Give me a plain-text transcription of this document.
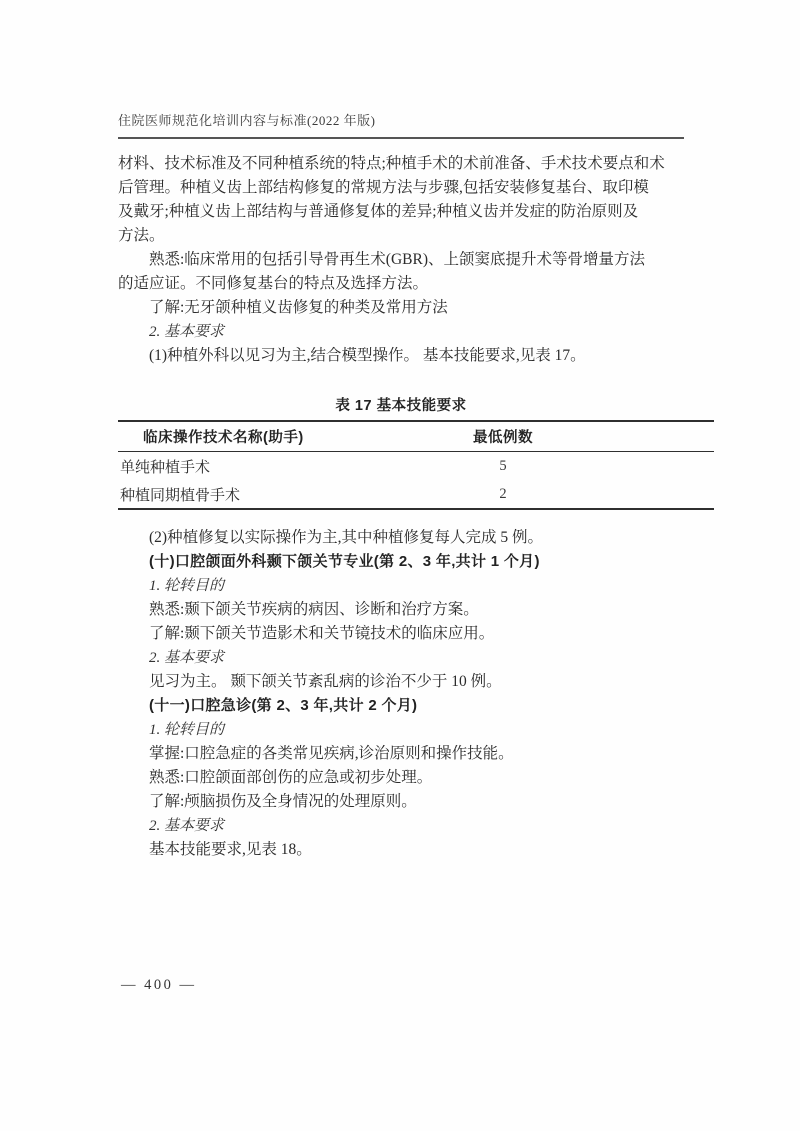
住院医师规范化培训内容与标准(2022 年版)
材料、技术标准及不同种植系统的特点;种植手术的术前准备、手术技术要点和术
后管理。种植义齿上部结构修复的常规方法与步骤,包括安装修复基台、取印模
及戴牙;种植义齿上部结构与普通修复体的差异;种植义齿并发症的防治原则及
方法。
熟悉:临床常用的包括引导骨再生术(GBR)、上颌窦底提升术等骨增量方法
的适应证。不同修复基台的特点及选择方法。
了解:无牙颌种植义齿修复的种类及常用方法
2. 基本要求
(1)种植外科以见习为主,结合模型操作。 基本技能要求,见表 17。
表 17 基本技能要求
临床操作技术名称(助手)	最低例数	
单纯种植手术	5	
种植同期植骨手术	2	
(2)种植修复以实际操作为主,其中种植修复每人完成 5 例。
(十)口腔颌面外科颞下颌关节专业(第 2、3 年,共计 1 个月)
1. 轮转目的
熟悉:颞下颌关节疾病的病因、诊断和治疗方案。
了解:颞下颌关节造影术和关节镜技术的临床应用。
2. 基本要求
见习为主。 颞下颌关节紊乱病的诊治不少于 10 例。
(十一)口腔急诊(第 2、3 年,共计 2 个月)
1. 轮转目的
掌握:口腔急症的各类常见疾病,诊治原则和操作技能。
熟悉:口腔颌面部创伤的应急或初步处理。
了解:颅脑损伤及全身情况的处理原则。
2. 基本要求
基本技能要求,见表 18。
— 400 —
